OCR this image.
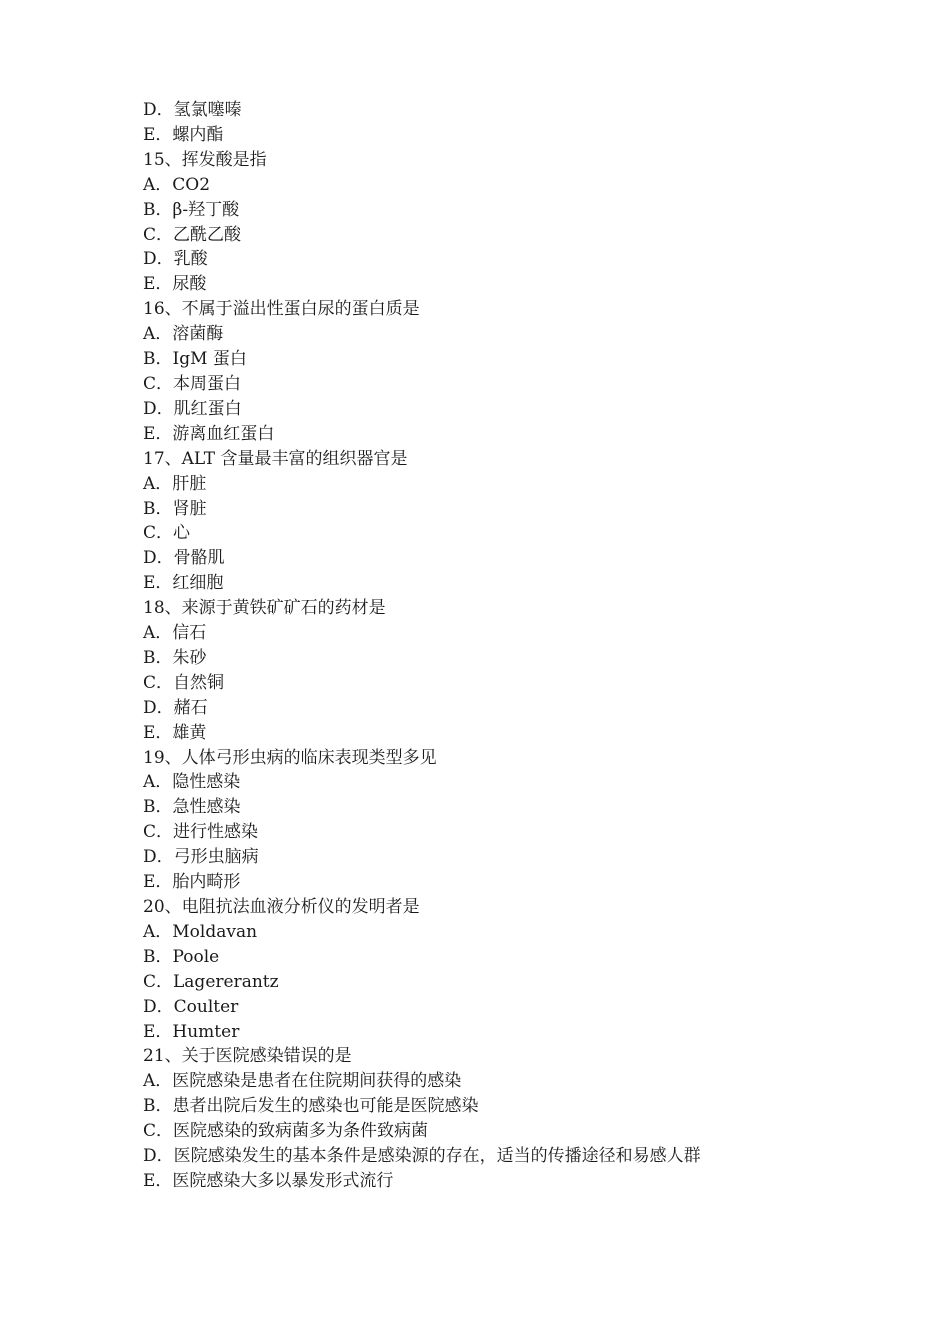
D．氢氯噻嗪
E．螺内酯
15、挥发酸是指
A．CO2
B．β-羟丁酸
C．乙酰乙酸
D．乳酸
E．尿酸
16、不属于溢出性蛋白尿的蛋白质是
A．溶菌酶
B．IgM 蛋白
C．本周蛋白
D．肌红蛋白
E．游离血红蛋白
17、ALT 含量最丰富的组织器官是
A．肝脏
B．肾脏
C．心
D．骨骼肌
E．红细胞
18、来源于黄铁矿矿石的药材是
A．信石
B．朱砂
C．自然铜
D．赭石
E．雄黄
19、人体弓形虫病的临床表现类型多见
A．隐性感染
B．急性感染
C．进行性感染
D．弓形虫脑病
E．胎内畸形
20、电阻抗法血液分析仪的发明者是
A．Moldavan
B．Poole
C．Lagererantz
D．Coulter
E．Humter
21、关于医院感染错误的是
A．医院感染是患者在住院期间获得的感染
B．患者出院后发生的感染也可能是医院感染
C．医院感染的致病菌多为条件致病菌
D．医院感染发生的基本条件是感染源的存在，适当的传播途径和易感人群
E．医院感染大多以暴发形式流行
